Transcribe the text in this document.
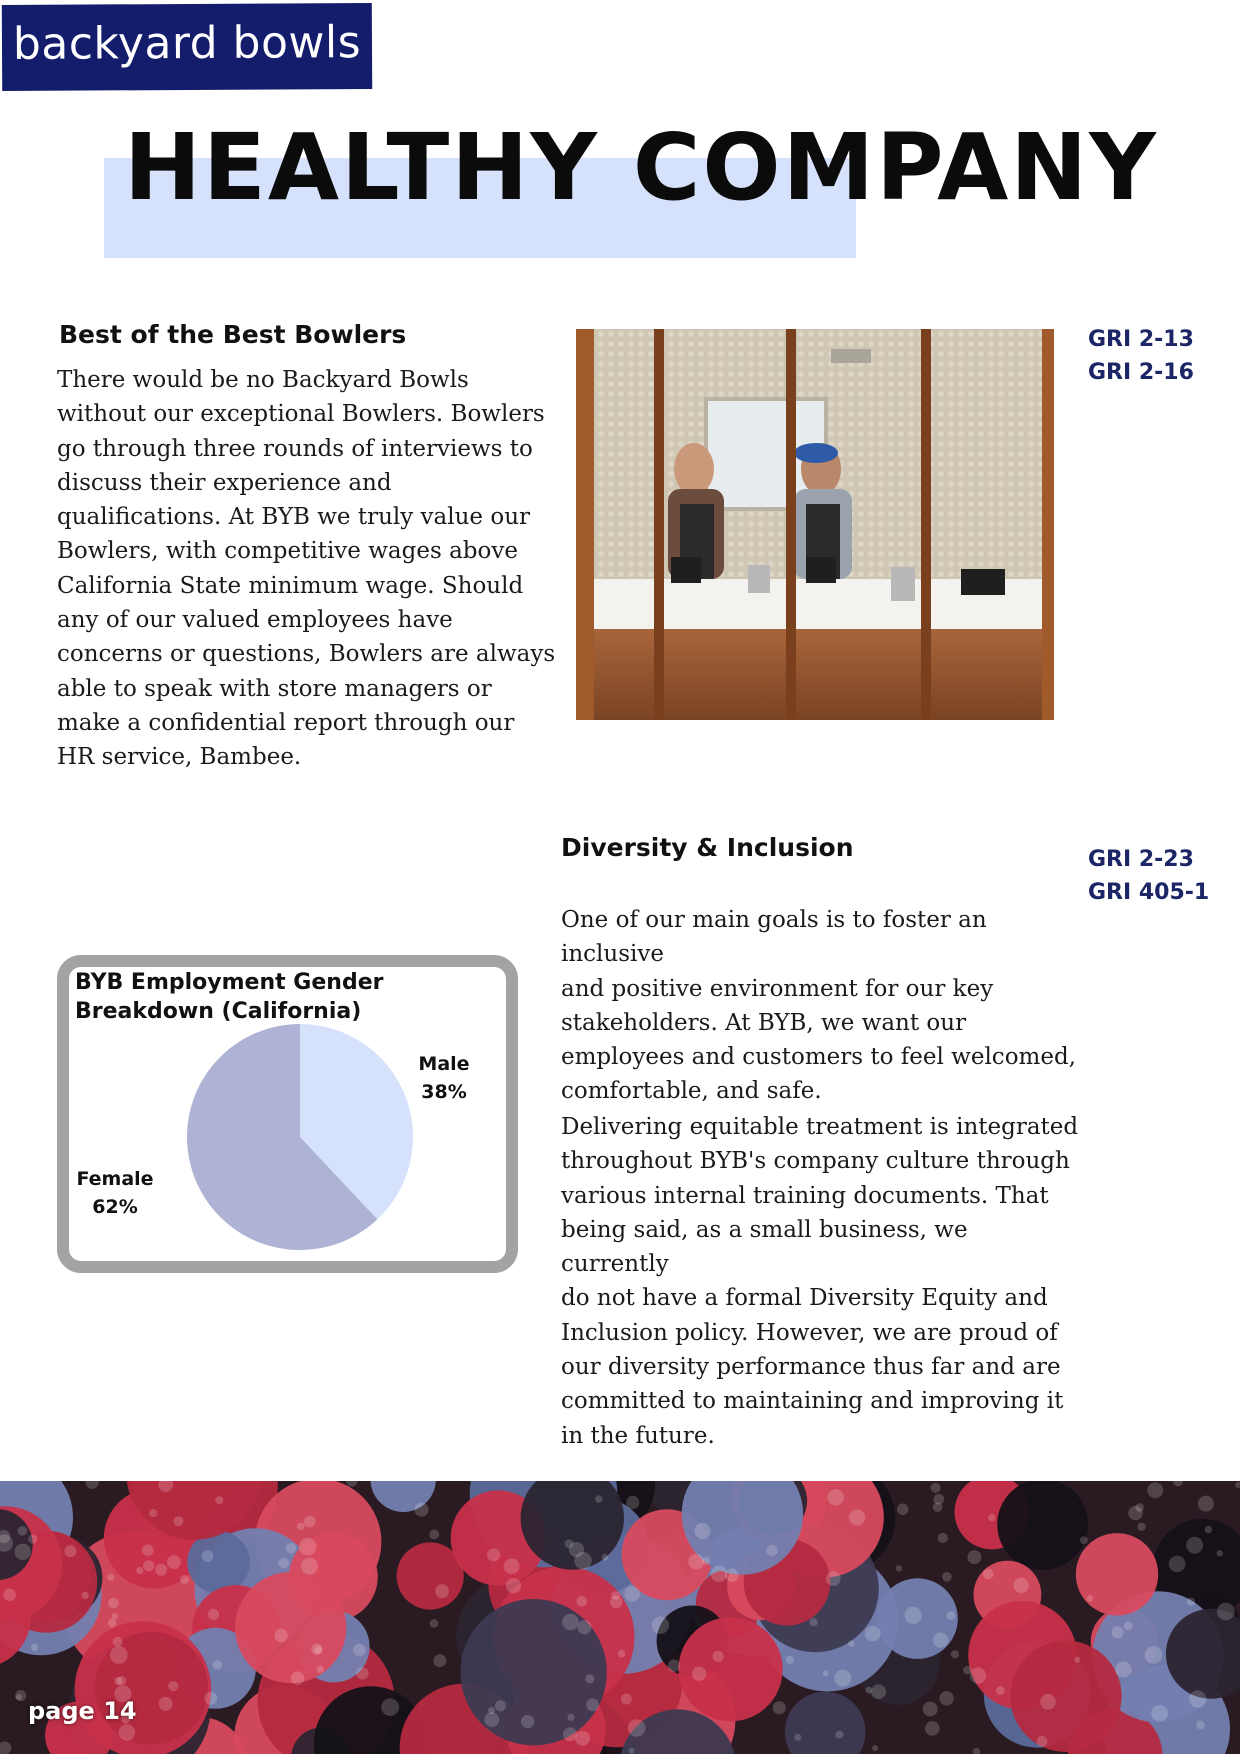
backyard bowls
HEALTHY COMPANY
Best of the Best Bowlers
There would be no Backyard Bowls
without our exceptional Bowlers. Bowlers
go through three rounds of interviews to
discuss their experience and
qualifications. At BYB we truly value our
Bowlers, with competitive wages above
California State minimum wage. Should
any of our valued employees have
concerns or questions, Bowlers are always
able to speak with store managers or
make a confidential report through our
HR service, Bambee.
GRI 2-13
GRI 2-16
Diversity & Inclusion	GRI 2-23
GRI 405-1
One of our main goals is to foster an inclusive
and positive environment for our key
stakeholders. At BYB, we want our
employees and customers to feel welcomed,
comfortable, and safe.
Delivering equitable treatment is integrated
throughout BYB's company culture through
various internal training documents. That
being said, as a small business, we currently
do not have a formal Diversity Equity and
Inclusion policy. However, we are proud of
our diversity performance thus far and are
committed to maintaining and improving it
in the future.
BYB Employment Gender Breakdown (California)
Male
38%
Female
62%
page 14
